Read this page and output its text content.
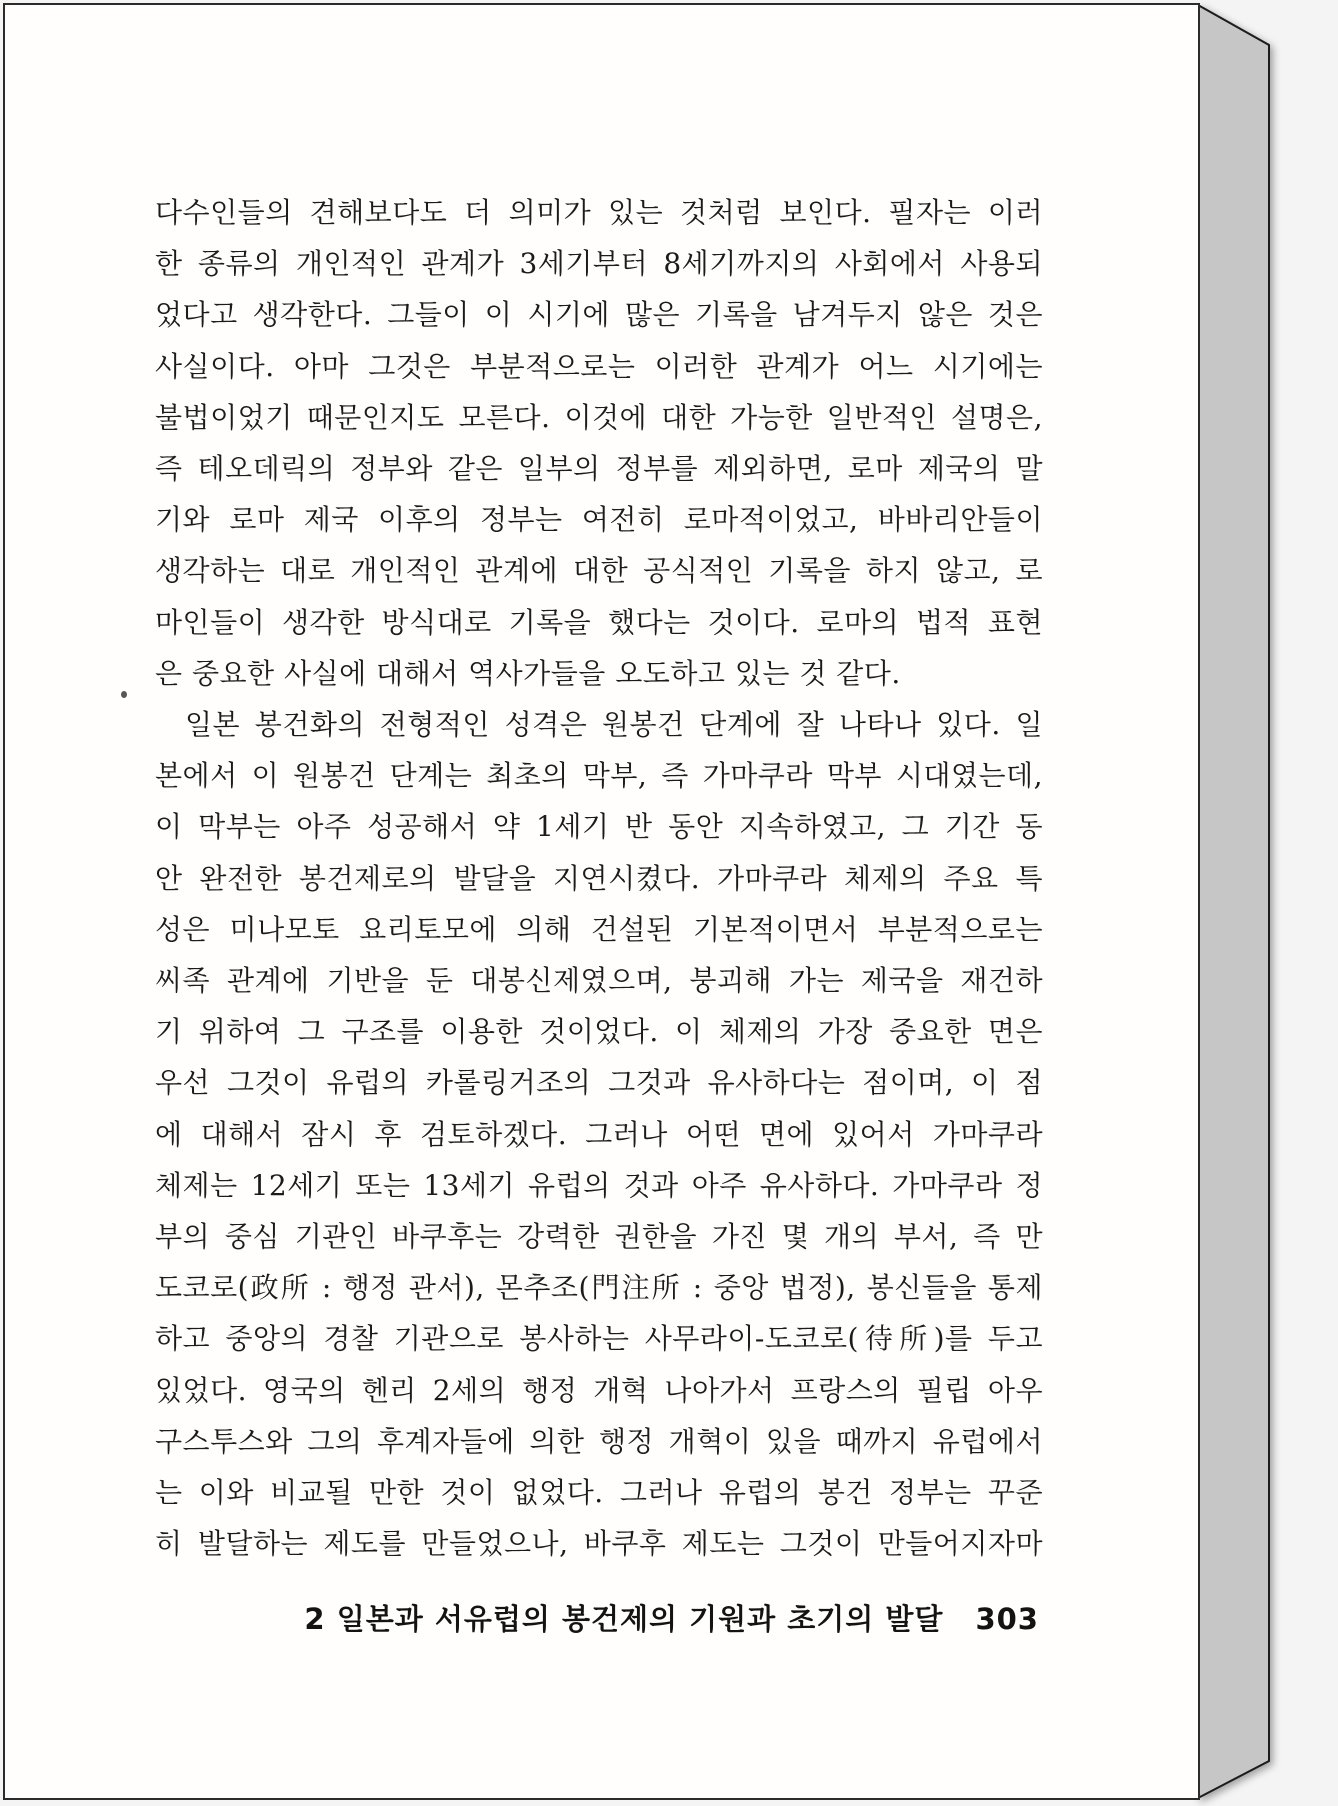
다수인들의 견해보다도 더 의미가 있는 것처럼 보인다. 필자는 이러
한 종류의 개인적인 관계가 3세기부터 8세기까지의 사회에서 사용되
었다고 생각한다. 그들이 이 시기에 많은 기록을 남겨두지 않은 것은
사실이다. 아마 그것은 부분적으로는 이러한 관계가 어느 시기에는
불법이었기 때문인지도 모른다. 이것에 대한 가능한 일반적인 설명은,
즉 테오데릭의 정부와 같은 일부의 정부를 제외하면, 로마 제국의 말
기와 로마 제국 이후의 정부는 여전히 로마적이었고, 바바리안들이
생각하는 대로 개인적인 관계에 대한 공식적인 기록을 하지 않고, 로
마인들이 생각한 방식대로 기록을 했다는 것이다. 로마의 법적 표현
은 중요한 사실에 대해서 역사가들을 오도하고 있는 것 같다.
일본 봉건화의 전형적인 성격은 원봉건 단계에 잘 나타나 있다. 일
본에서 이 원봉건 단계는 최초의 막부, 즉 가마쿠라 막부 시대였는데,
이 막부는 아주 성공해서 약 1세기 반 동안 지속하였고, 그 기간 동
안 완전한 봉건제로의 발달을 지연시켰다. 가마쿠라 체제의 주요 특
성은 미나모토 요리토모에 의해 건설된 기본적이면서 부분적으로는
씨족 관계에 기반을 둔 대봉신제였으며, 붕괴해 가는 제국을 재건하
기 위하여 그 구조를 이용한 것이었다. 이 체제의 가장 중요한 면은
우선 그것이 유럽의 카롤링거조의 그것과 유사하다는 점이며, 이 점
에 대해서 잠시 후 검토하겠다. 그러나 어떤 면에 있어서 가마쿠라
체제는 12세기 또는 13세기 유럽의 것과 아주 유사하다. 가마쿠라 정
부의 중심 기관인 바쿠후는 강력한 권한을 가진 몇 개의 부서, 즉 만
도코로(政所 : 행정 관서), 몬추조(門注所 : 중앙 법정), 봉신들을 통제
하고 중앙의 경찰 기관으로 봉사하는 사무라이-도코로(待所)를 두고
있었다. 영국의 헨리 2세의 행정 개혁 나아가서 프랑스의 필립 아우
구스투스와 그의 후계자들에 의한 행정 개혁이 있을 때까지 유럽에서
는 이와 비교될 만한 것이 없었다. 그러나 유럽의 봉건 정부는 꾸준
히 발달하는 제도를 만들었으나, 바쿠후 제도는 그것이 만들어지자마
2 일본과 서유럽의 봉건제의 기원과 초기의 발달 303
